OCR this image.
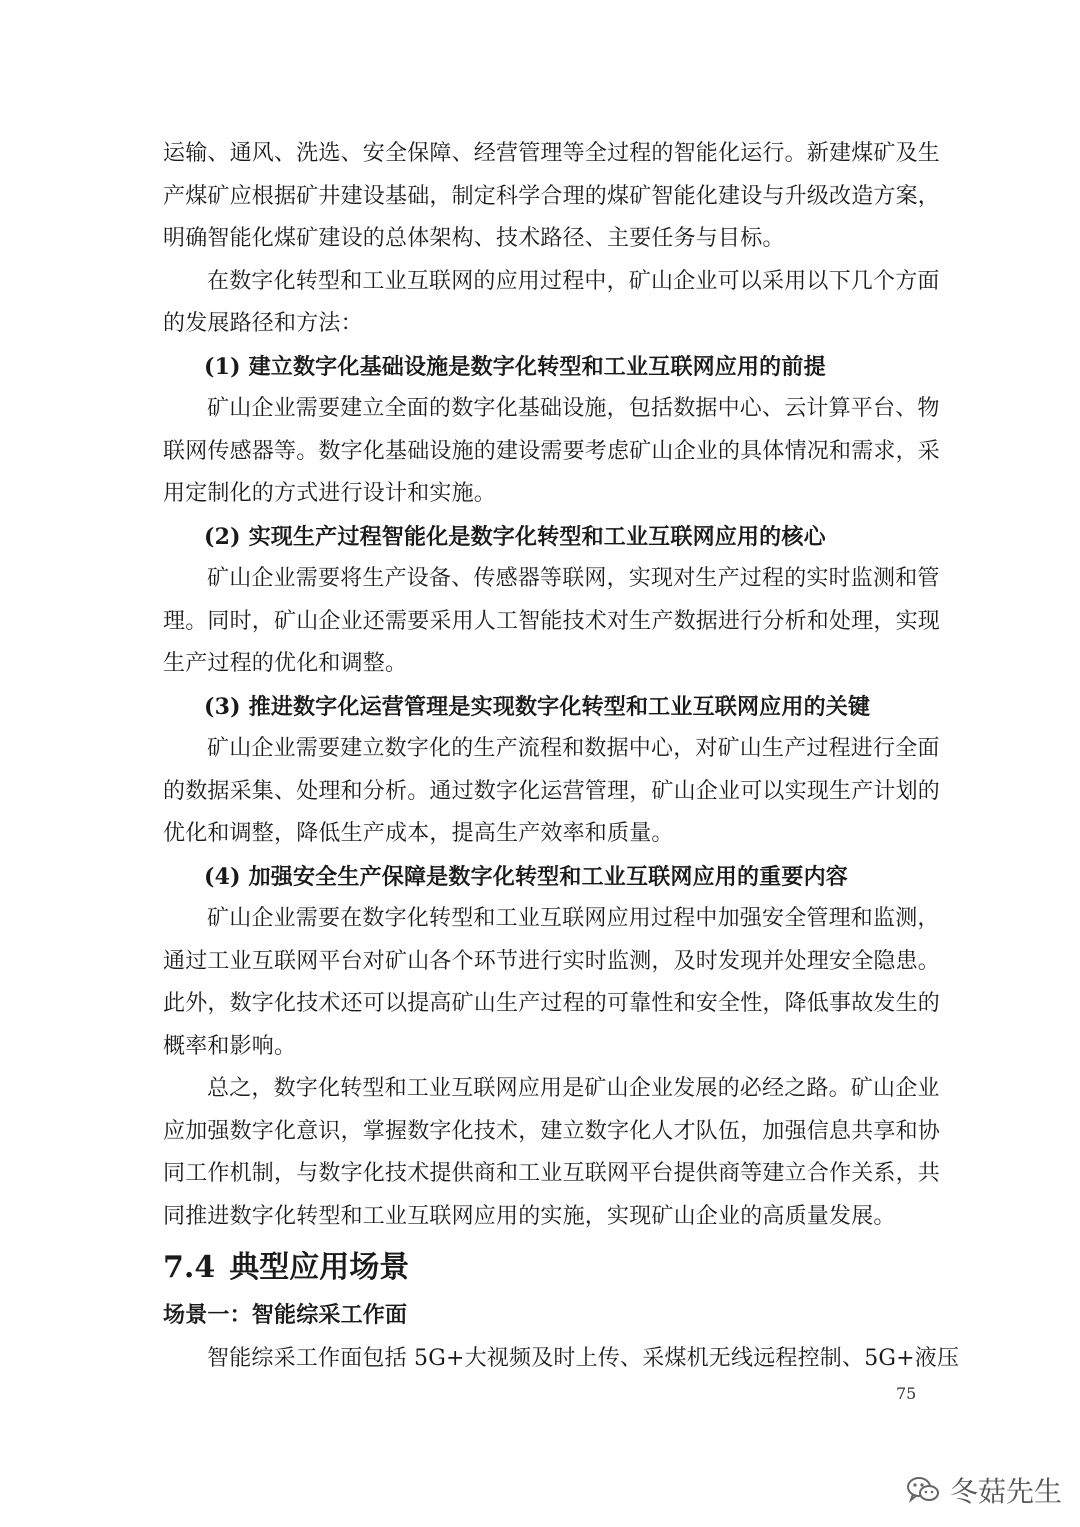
运输、通风、洗选、安全保障、经营管理等全过程的智能化运行。新建煤矿及生
产煤矿应根据矿井建设基础，制定科学合理的煤矿智能化建设与升级改造方案，
明确智能化煤矿建设的总体架构、技术路径、主要任务与目标。
在数字化转型和工业互联网的应用过程中，矿山企业可以采用以下几个方面
的发展路径和方法：
(1) 建立数字化基础设施是数字化转型和工业互联网应用的前提
矿山企业需要建立全面的数字化基础设施，包括数据中心、云计算平台、物
联网传感器等。数字化基础设施的建设需要考虑矿山企业的具体情况和需求，采
用定制化的方式进行设计和实施。
(2) 实现生产过程智能化是数字化转型和工业互联网应用的核心
矿山企业需要将生产设备、传感器等联网，实现对生产过程的实时监测和管
理。同时，矿山企业还需要采用人工智能技术对生产数据进行分析和处理，实现
生产过程的优化和调整。
(3) 推进数字化运营管理是实现数字化转型和工业互联网应用的关键
矿山企业需要建立数字化的生产流程和数据中心，对矿山生产过程进行全面
的数据采集、处理和分析。通过数字化运营管理，矿山企业可以实现生产计划的
优化和调整，降低生产成本，提高生产效率和质量。
(4) 加强安全生产保障是数字化转型和工业互联网应用的重要内容
矿山企业需要在数字化转型和工业互联网应用过程中加强安全管理和监测，
通过工业互联网平台对矿山各个环节进行实时监测，及时发现并处理安全隐患。
此外，数字化技术还可以提高矿山生产过程的可靠性和安全性，降低事故发生的
概率和影响。
总之，数字化转型和工业互联网应用是矿山企业发展的必经之路。矿山企业
应加强数字化意识，掌握数字化技术，建立数字化人才队伍，加强信息共享和协
同工作机制，与数字化技术提供商和工业互联网平台提供商等建立合作关系，共
同推进数字化转型和工业互联网应用的实施，实现矿山企业的高质量发展。
7.4 典型应用场景
场景一：智能综采工作面
智能综采工作面包括 5G+大视频及时上传、采煤机无线远程控制、5G+液压
75
冬菇先生
